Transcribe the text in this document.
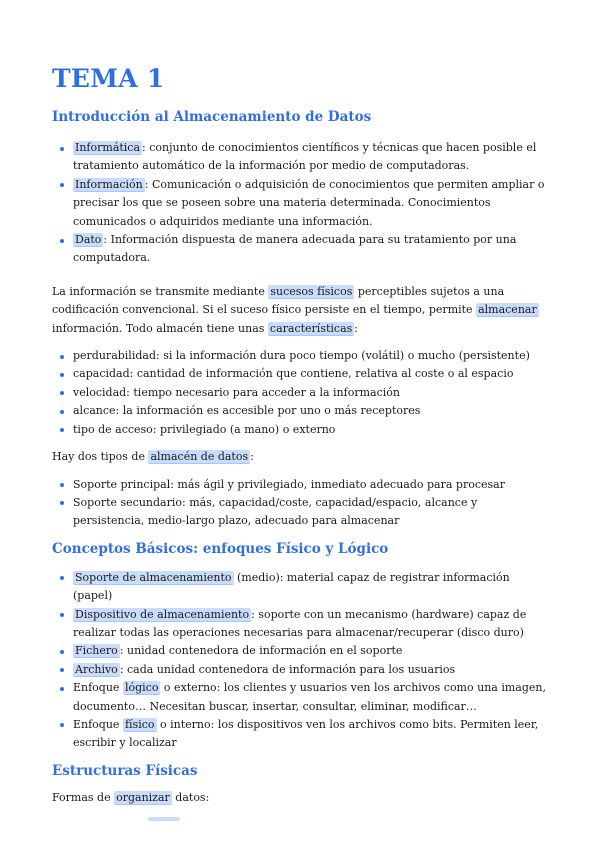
TEMA 1
Introducción al Almacenamiento de Datos
Informática : conjunto de conocimientos científicos y técnicas que hacen posible el tratamiento automático de la información por medio de computadoras.
Información : Comunicación o adquisición de conocimientos que permiten ampliar o precisar los que se poseen sobre una materia determinada. Conocimientos comunicados o adquiridos mediante una información.
Dato : Información dispuesta de manera adecuada para su tratamiento por una computadora.

La información se transmite mediante sucesos físicos perceptibles sujetos a una codificación convencional. Si el suceso físico persiste en el tiempo, permite almacenar información. Todo almacén tiene unas características :

perdurabilidad: si la información dura poco tiempo (volátil) o mucho (persistente)
capacidad: cantidad de información que contiene, relativa al coste o al espacio
velocidad: tiempo necesario para acceder a la información
alcance: la información es accesible por uno o más receptores
tipo de acceso: privilegiado (a mano) o externo

Hay dos tipos de almacén de datos :

Soporte principal: más ágil y privilegiado, inmediato adecuado para procesar
Soporte secundario: más, capacidad/coste, capacidad/espacio, alcance y persistencia, medio-largo plazo, adecuado para almacenar
Conceptos Básicos: enfoques Físico y Lógico
Soporte de almacenamiento (medio): material capaz de registrar información (papel)
Dispositivo de almacenamiento : soporte con un mecanismo (hardware) capaz de realizar todas las operaciones necesarias para almacenar/recuperar (disco duro)
Fichero : unidad contenedora de información en el soporte
Archivo : cada unidad contenedora de información para los usuarios
Enfoque lógico o externo: los clientes y usuarios ven los archivos como una imagen, documento… Necesitan buscar, insertar, consultar, eliminar, modificar…
Enfoque físico o interno: los dispositivos ven los archivos como bits. Permiten leer, escribir y localizar
Estructuras Físicas

Formas de organizar datos:
